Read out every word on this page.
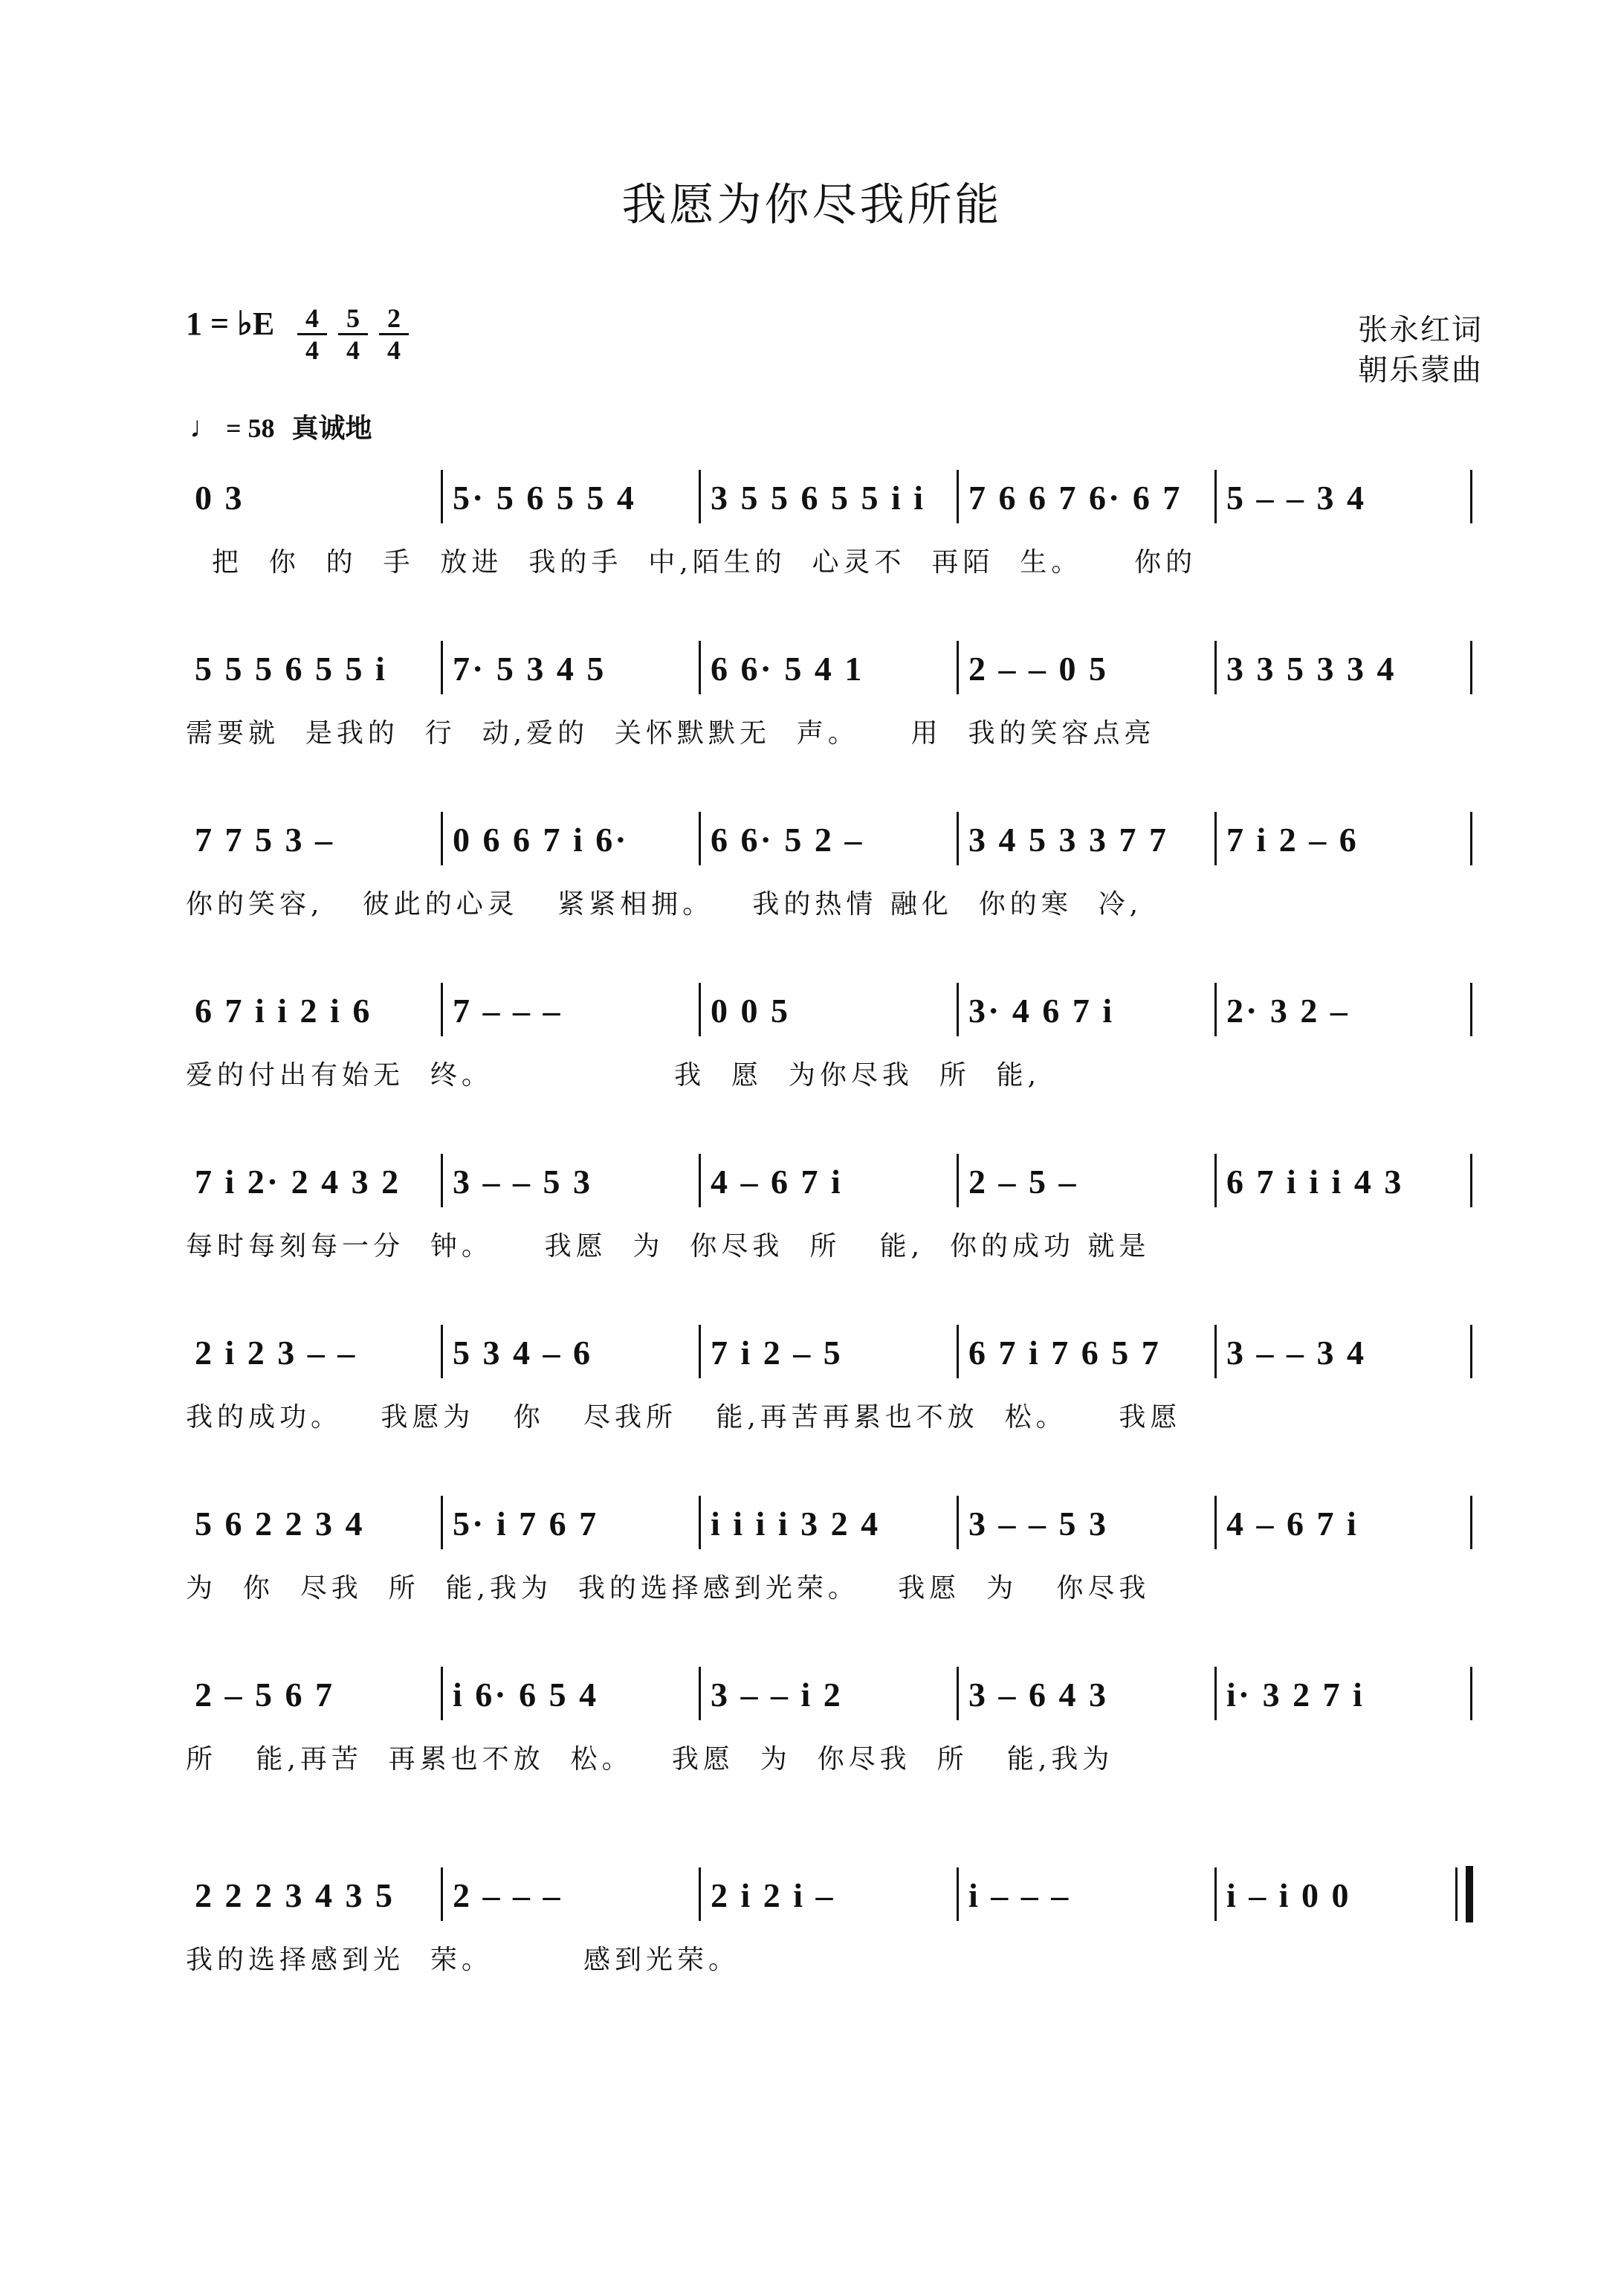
我愿为你尽我所能
1 = ♭E	4
4
5
4
2
4
张永红词
朝乐蒙曲
♩ = 58 真诚地
0 3	5· 5 6 5 5 4	3 5 5 6 5 5 i i	7 6 6 7 6· 6 7	5 – – 3 4
把  你  的  手  放进  我的手  中,陌生的  心灵不  再陌  生。    你的
5 5 5 6 5 5 i	7· 5 3 4 5	6 6· 5 4 1	2 – – 0 5	3 3 5 3 3 4
需要就  是我的  行  动,爱的  关怀默默无  声。    用  我的笑容点亮
7 7 5 3 –	0 6 6 7 i 6·	6 6· 5 2 –	3 4 5 3 3 7 7	7 i 2 – 6
你的笑容,   彼此的心灵   紧紧相拥。   我的热情 融化  你的寒  冷,
6 7 i i 2 i 6	7 – – –	0 0 5	3· 4 6 7 i	2· 3 2 –
爱的付出有始无  终。              我  愿  为你尽我  所  能,
7 i 2· 2 4 3 2	3 – – 5 3	4 – 6 7 i	2 – 5 –	6 7 i i i 4 3
每时每刻每一分  钟。    我愿  为  你尽我  所   能,  你的成功 就是
2 i 2 3 – –	5 3 4 – 6	7 i 2 – 5	6 7 i 7 6 5 7	3 – – 3 4
我的成功。   我愿为   你   尽我所   能,再苦再累也不放  松。    我愿
5 6 2 2 3 4	5· i 7 6 7	i i i i 3 2 4	3 – – 5 3	4 – 6 7 i
为  你  尽我  所  能,我为  我的选择感到光荣。   我愿  为   你尽我
2 – 5 6 7	i 6· 6 5 4	3 – – i 2	3 – 6 4 3	i· 3 2 7 i
所   能,再苦  再累也不放  松。   我愿  为  你尽我  所   能,我为
2 2 2 3 4 3 5	2 – – –	2 i 2 i –	i – – –	i – i 0 0
我的选择感到光  荣。       感到光荣。
